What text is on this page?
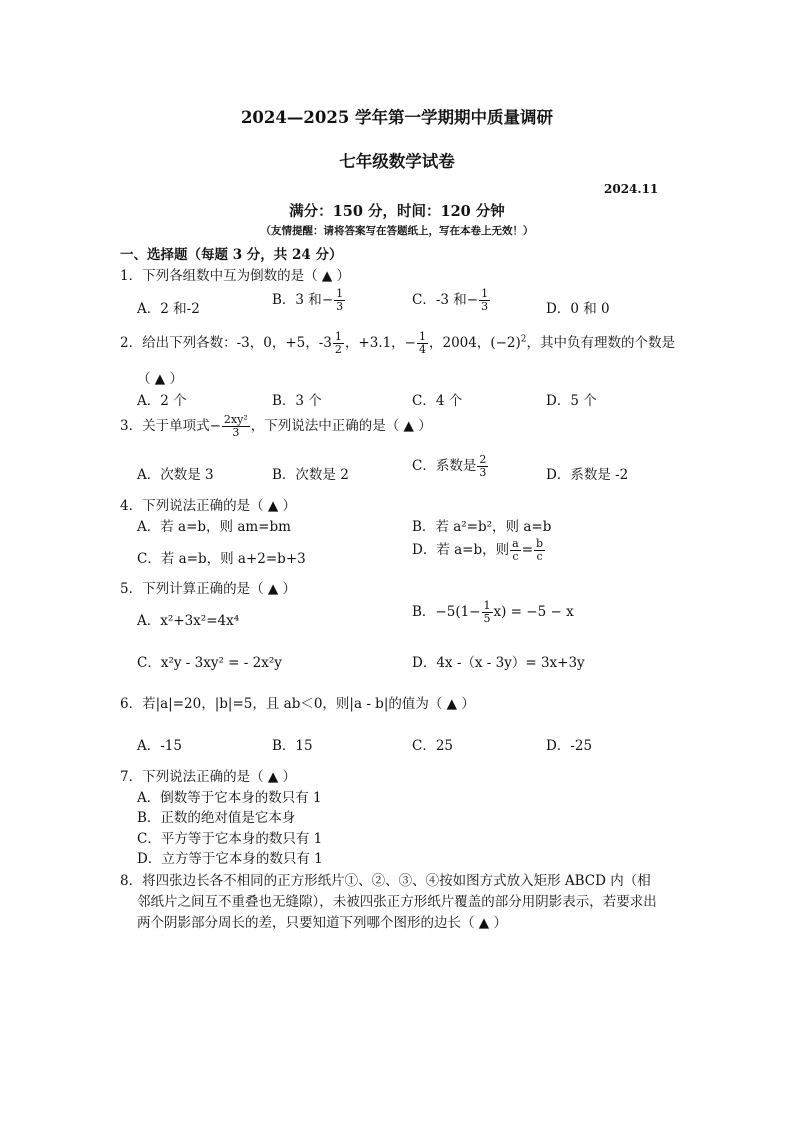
2024—2025 学年第一学期期中质量调研
七年级数学试卷
2024.11
满分：150 分，时间：120 分钟
（友情提醒：请将答案写在答题纸上，写在本卷上无效！）
一、选择题（每题 3 分，共 24 分）
1．下列各组数中互为倒数的是（ ▲ ）
A．2 和-2
B．3 和− $\frac{1}{3}$	C．-3 和− $\frac{1}{3}$	D．0 和 0
2．给出下列各数：-3，0，+5，$-3 \frac{1}{2}$ ，+3.1，− $\frac{1}{4}$ ，2004，$(-2)^2$，其中负有理数的个数是
（ ▲ ）
A．2 个	B．3 个	C．4 个	D．5 个
3．关于单项式− $\frac{\text{2xy²}}{3}$ ，下列说法中正确的是（ ▲ ）
A．次数是 3	B．次数是 2
C．系数是 $\frac{2}{3}$	D．系数是 -2
4．下列说法正确的是（ ▲ ）
A．若 a=b，则 am=bm	B．若 a²=b²，则 a=b
C．若 a=b，则 a+2=b+3
D．若 a=b，则 $\frac{a}{c} = \frac{b}{c}$
5．下列计算正确的是（ ▲ ）
A．x²+3x²=4x⁴
B．$-5(1- \frac{1}{5} x) = -5 - x$
C．x²y - 3xy² = - 2x²y	D．4x -（x - 3y）= 3x+3y
6．若|a|=20，|b|=5，且 ab＜0，则|a - b|的值为（ ▲ ）
A．-15	B．15	C．25	D．-25
7．下列说法正确的是（ ▲ ）
A．倒数等于它本身的数只有 1
B．正数的绝对值是它本身
C．平方等于它本身的数只有 1
D．立方等于它本身的数只有 1
8．将四张边长各不相同的正方形纸片①、②、③、④按如图方式放入矩形 ABCD 内（相
邻纸片之间互不重叠也无缝隙），未被四张正方形纸片覆盖的部分用阴影表示，若要求出
两个阴影部分周长的差，只要知道下列哪个图形的边长（ ▲ ）
